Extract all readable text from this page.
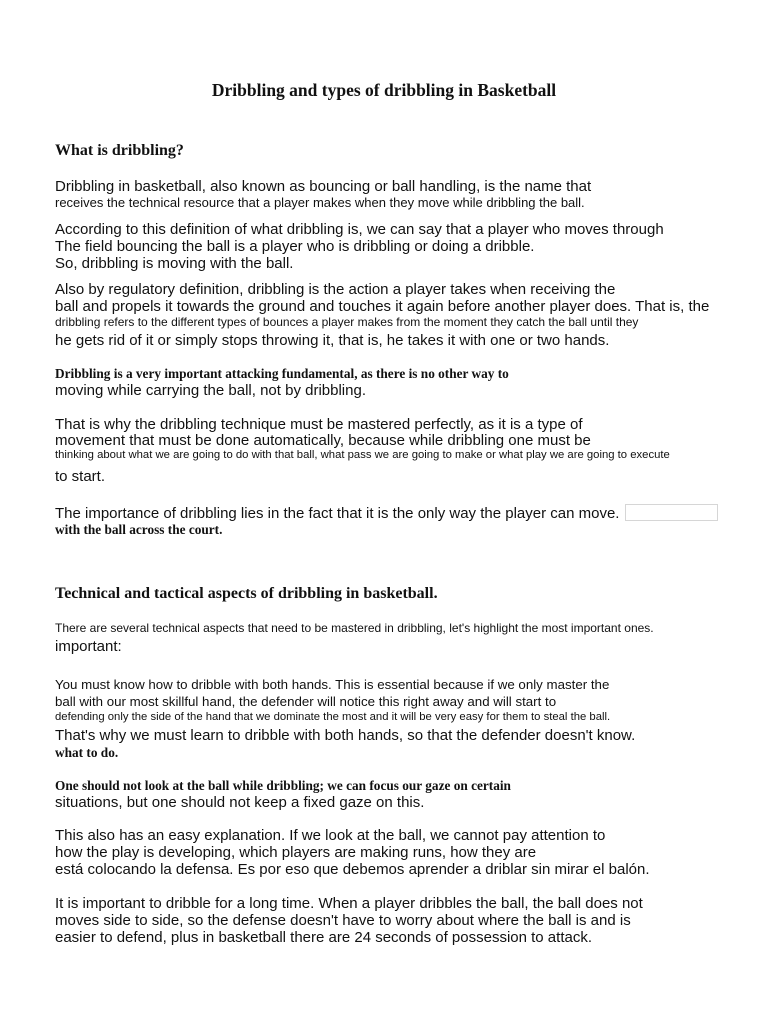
Dribbling and types of dribbling in Basketball
What is dribbling?

Dribbling in basketball, also known as bouncing or ball handling, is the name that

receives the technical resource that a player makes when they move while dribbling the ball.

According to this definition of what dribbling is, we can say that a player who moves through

The field bouncing the ball is a player who is dribbling or doing a dribble.

So, dribbling is moving with the ball.

Also by regulatory definition, dribbling is the action a player takes when receiving the

ball and propels it towards the ground and touches it again before another player does. That is, the

dribbling refers to the different types of bounces a player makes from the moment they catch the ball until they

he gets rid of it or simply stops throwing it, that is, he takes it with one or two hands.

Dribbling is a very important attacking fundamental, as there is no other way to

moving while carrying the ball, not by dribbling.

That is why the dribbling technique must be mastered perfectly, as it is a type of

movement that must be done automatically, because while dribbling one must be

thinking about what we are going to do with that ball, what pass we are going to make or what play we are going to execute

to start.

The importance of dribbling lies in the fact that it is the only way the player can move.

with the ball across the court.

Technical and tactical aspects of dribbling in basketball.

There are several technical aspects that need to be mastered in dribbling, let's highlight the most important ones.

important:

You must know how to dribble with both hands. This is essential because if we only master the

ball with our most skillful hand, the defender will notice this right away and will start to

defending only the side of the hand that we dominate the most and it will be very easy for them to steal the ball.

That's why we must learn to dribble with both hands, so that the defender doesn't know.

what to do.

One should not look at the ball while dribbling; we can focus our gaze on certain

situations, but one should not keep a fixed gaze on this.

This also has an easy explanation. If we look at the ball, we cannot pay attention to

how the play is developing, which players are making runs, how they are

está colocando la defensa. Es por eso que debemos aprender a driblar sin mirar el balón.

It is important to dribble for a long time. When a player dribbles the ball, the ball does not

moves side to side, so the defense doesn't have to worry about where the ball is and is

easier to defend, plus in basketball there are 24 seconds of possession to attack.
